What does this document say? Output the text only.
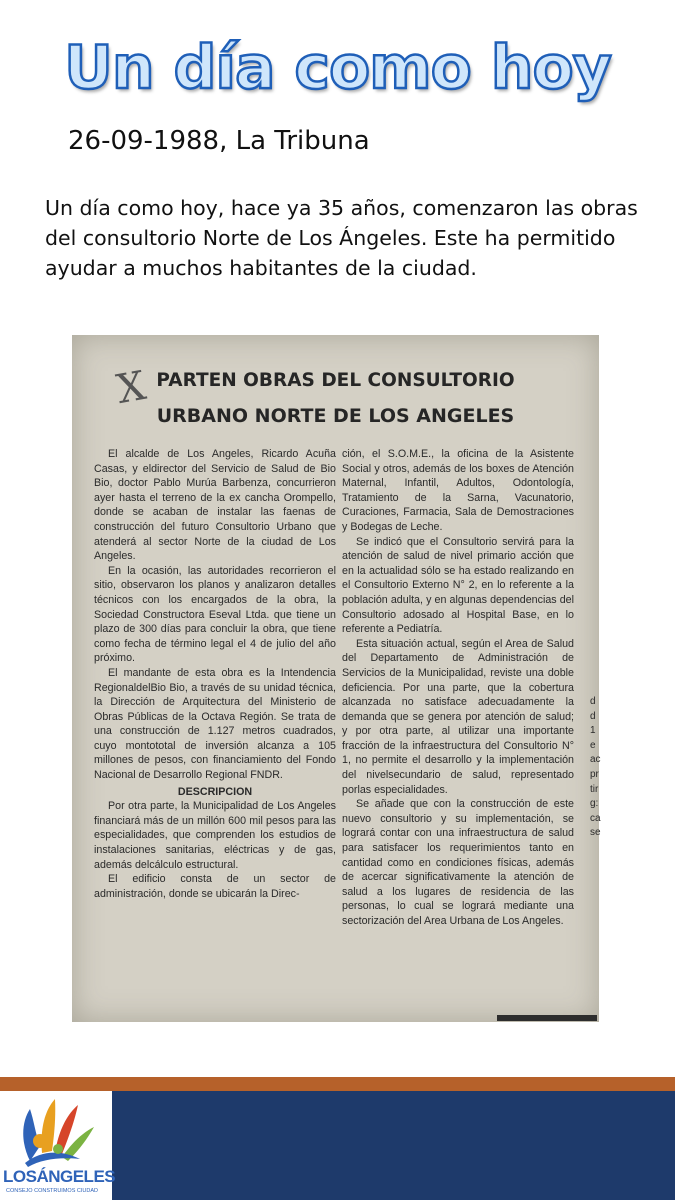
Un día como hoy
26-09-1988, La Tribuna
Un día como hoy, hace ya 35 años, comenzaron las obras del consultorio Norte de Los Ángeles. Este ha permitido ayudar a muchos habitantes de la ciudad.
X PARTEN OBRAS DEL CONSULTORIO
URBANO NORTE DE LOS ANGELES

El alcalde de Los Angeles, Ricardo Acuña Casas, y eldirector del Servicio de Salud de Bio Bio, doctor Pablo Murúa Barbenza, concurrieron ayer hasta el terreno de la ex cancha Orompello, donde se acaban de instalar las faenas de construcción del futuro Consultorio Urbano que atenderá al sector Norte de la ciudad de Los Angeles.

En la ocasión, las autoridades recorrieron el sitio, observaron los planos y analizaron detalles técnicos con los encargados de la obra, la Sociedad Constructora Eseval Ltda. que tiene un plazo de 300 días para concluir la obra, que tiene como fecha de término legal el 4 de julio del año próximo.

El mandante de esta obra es la Intendencia RegionaldelBio Bio, a través de su unidad técnica, la Dirección de Arquitectura del Ministerio de Obras Públicas de la Octava Región. Se trata de una construcción de 1.127 metros cuadrados, cuyo montototal de inversión alcanza a 105 millones de pesos, con financiamiento del Fondo Nacional de Desarrollo Regional FNDR.

DESCRIPCION

Por otra parte, la Municipalidad de Los Angeles financiará más de un millón 600 mil pesos para las especialidades, que comprenden los estudios de instalaciones sanitarias, eléctricas y de gas, además delcálculo estructural.

El edificio consta de un sector de administración, donde se ubicarán la Direc-

ción, el S.O.M.E., la oficina de la Asistente Social y otros, además de los boxes de Atención Maternal, Infantil, Adultos, Odontología, Tratamiento de la Sarna, Vacunatorio, Curaciones, Farmacia, Sala de Demostraciones y Bodegas de Leche.

Se indicó que el Consultorio servirá para la atención de salud de nivel primario acción que en la actualidad sólo se ha estado realizando en el Consultorio Externo N° 2, en lo referente a la población adulta, y en algunas dependencias del Consultorio adosado al Hospital Base, en lo referente a Pediatría.

Esta situación actual, según el Area de Salud del Departamento de Administración de Servicios de la Municipalidad, reviste una doble deficiencia. Por una parte, que la cobertura alcanzada no satisface adecuadamente la demanda que se genera por atención de salud; y por otra parte, al utilizar una importante fracción de la infraestructura del Consultorio N° 1, no permite el desarrollo y la implementación del nivelsecundario de salud, representado porlas especialidades.

Se añade que con la construcción de este nuevo consultorio y su implementación, se logrará contar con una infraestructura de salud para satisfacer los requerimientos tanto en cantidad como en condiciones físicas, además de acercar significativamente la atención de salud a los lugares de residencia de las personas, lo cual se logrará mediante una sectorización del Area Urbana de Los Angeles.

d d 1 e ac pr tir g: ca se
LOSÁNGELES
CONSEJO CONSTRUIMOS CIUDAD
